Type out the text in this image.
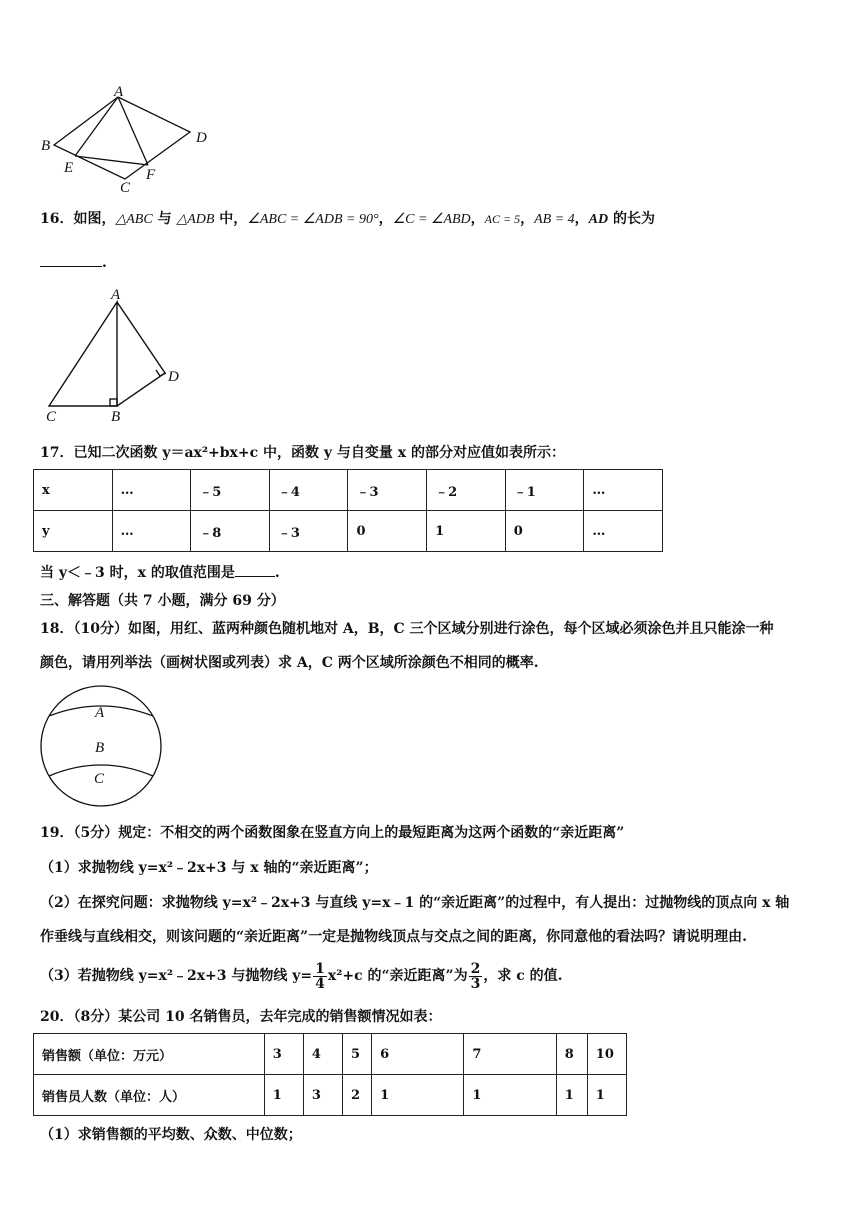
A
B	D
E	F
C
16．如图，△ABC 与 △ADB 中，∠ABC = ∠ADB = 90°，∠C = ∠ABD，AC = 5，AB = 4，AD 的长为
.
A
D
C	B
17．已知二次函数 y＝ax²+bx+c 中，函数 y 与自变量 x 的部分对应值如表所示：
x	…	﹣5	﹣4	﹣3	﹣2	﹣1	…
y	…	﹣8	﹣3	0	1	0	…
当 y＜﹣3 时，x 的取值范围是	.
三、解答题（共 7 小题，满分 69 分）
18．（10分）如图，用红、蓝两种颜色随机地对 A，B，C 三个区域分别进行涂色，每个区域必须涂色并且只能涂一种
颜色，请用列举法（画树状图或列表）求 A，C 两个区域所涂颜色不相同的概率.
A
B
C
19．（5分）规定：不相交的两个函数图象在竖直方向上的最短距离为这两个函数的“亲近距离”
（1）求抛物线 y=x²﹣2x+3 与 x 轴的“亲近距离”；
（2）在探究问题：求抛物线 y=x²﹣2x+3 与直线 y=x﹣1 的“亲近距离”的过程中，有人提出：过抛物线的顶点向 x 轴
作垂线与直线相交，则该问题的“亲近距离”一定是抛物线顶点与交点之间的距离，你同意他的看法吗？请说明理由.
（3）若抛物线 y=x²﹣2x+3 与抛物线 $y= \frac{1}{4} x^2+c$ 的“亲近距离”为 $\frac{2}{3}$ ，求 c 的值.
20．（8分）某公司 10 名销售员，去年完成的销售额情况如表：
销售额（单位：万元）	3	4	5	6	7	8	10
销售员人数（单位：人）	1	3	2	1	1	1	1
（1）求销售额的平均数、众数、中位数；
